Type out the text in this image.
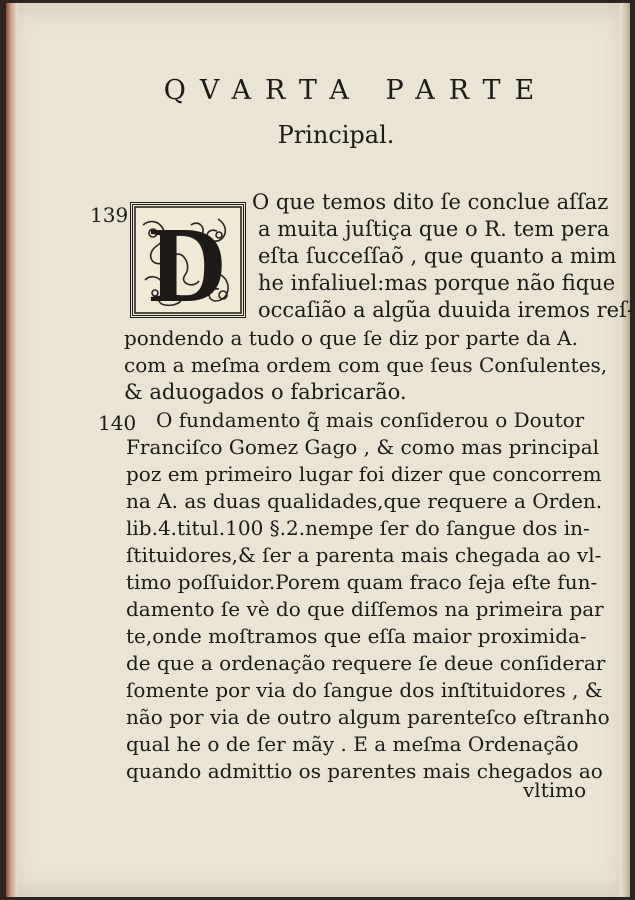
QVARTA PARTE
Principal.
139 D
O que temos dito ſe conclue aſſaz
a muita juſtiça que o R. tem pera
eſta ſucceſſaõ , que quanto a mim
he infaliuel:mas porque não fique
occaſião a algũa duuida iremos reſ-
pondendo a tudo o que ſe diz por parte da A.
com a meſma ordem com que ſeus Conſulentes,
& aduogados o fabricarão.
140 O fundamento q̃ mais conſiderou o Doutor
Franciſco Gomez Gago , & como mas principal
poz em primeiro lugar foi dizer que concorrem
na A. as duas qualidades,que requere a Orden.
lib.4.titul.100 §.2.nempe ſer do ſangue dos in-
ſtituidores,& ſer a parenta mais chegada ao vl-
timo poſſuidor.Porem quam fraco ſeja eſte fun-
damento ſe vè do que diſſemos na primeira par
te,onde moſtramos que eſſa maior proximida-
de que a ordenação requere ſe deue conſiderar
ſomente por via do ſangue dos inſtituidores , &
não por via de outro algum parenteſco eſtranho
qual he o de ſer mãy . E a meſma Ordenação
quando admittio os parentes mais chegados ao
vltimo
